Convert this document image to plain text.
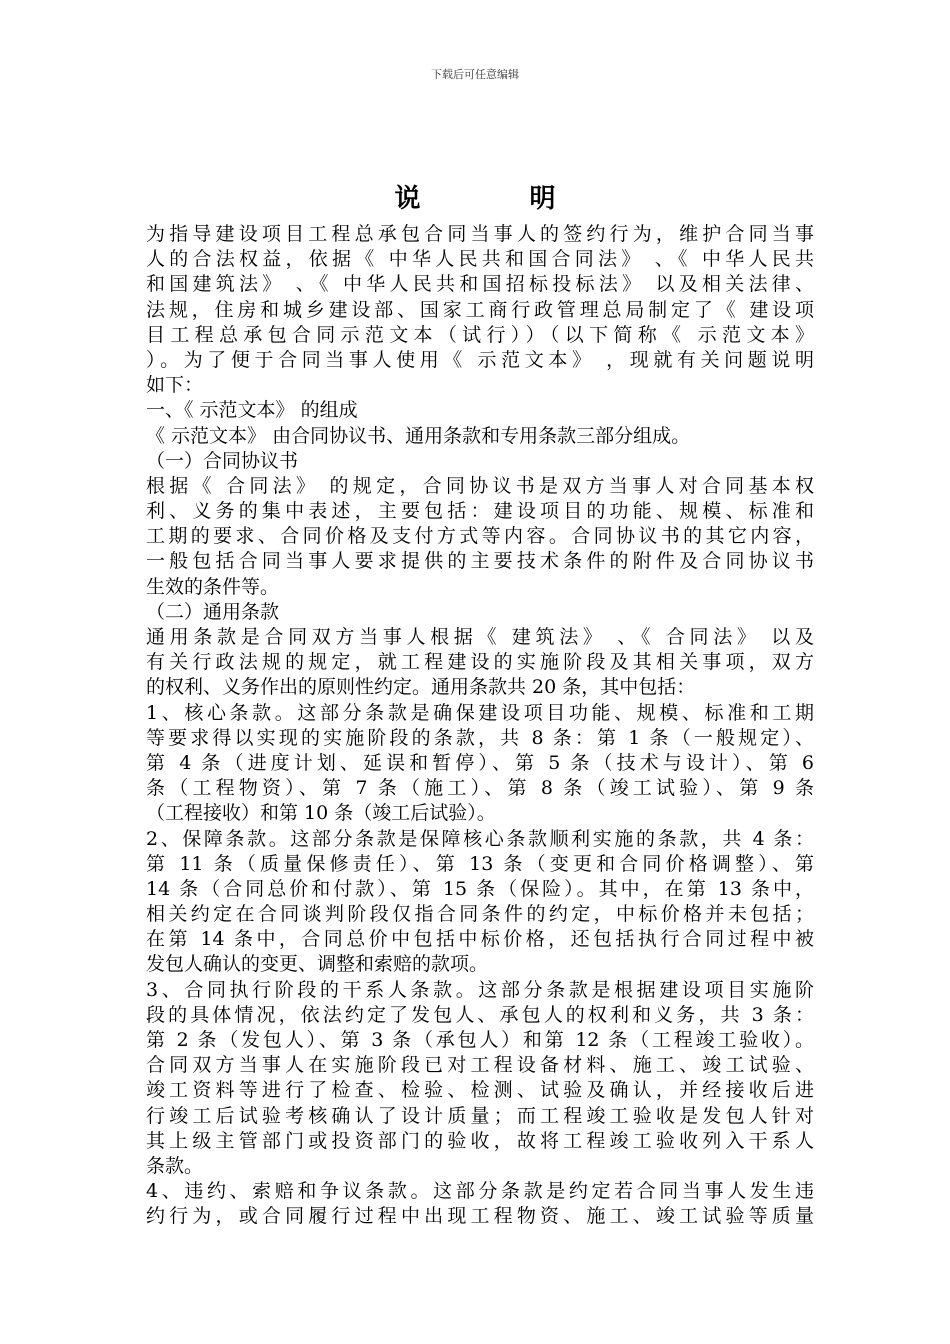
下载后可任意编辑
说 明
为指导建设项目工程总承包合同当事人的签约行为，维护合同当事
人的合法权益，依据《 中华人民共和国合同法》 、《 中华人民共
和国建筑法》 、《 中华人民共和国招标投标法》 以及相关法律、
法规，住房和城乡建设部、国家工商行政管理总局制定了《 建设项
目工程总承包合同示范文本（试行））（以下简称《 示范文本》
）。为了便于合同当事人使用《 示范文本》 ，现就有关问题说明
如下：
一、《 示范文本》 的组成
《 示范文本》 由合同协议书、通用条款和专用条款三部分组成。
（一）合同协议书
根据《 合同法》 的规定，合同协议书是双方当事人对合同基本权
利、义务的集中表述，主要包括：建设项目的功能、规模、标准和
工期的要求、合同价格及支付方式等内容。合同协议书的其它内容，
一般包括合同当事人要求提供的主要技术条件的附件及合同协议书
生效的条件等。
（二）通用条款
通用条款是合同双方当事人根据《 建筑法》 、《 合同法》 以及
有关行政法规的规定，就工程建设的实施阶段及其相关事项，双方
的权利、义务作出的原则性约定。通用条款共 20 条，其中包括：
1、核心条款。这部分条款是确保建设项目功能、规模、标准和工期
等要求得以实现的实施阶段的条款，共 8 条：第 1 条（一般规定）、
第 4 条（进度计划、延误和暂停）、第 5 条（技术与设计）、第 6
条（工程物资）、第 7 条（施工）、第 8 条（竣工试验）、第 9 条
（工程接收）和第 10 条（竣工后试验）。
2、保障条款。这部分条款是保障核心条款顺利实施的条款，共 4 条：
第 11 条（质量保修责任）、第 13 条（变更和合同价格调整）、第
14 条（合同总价和付款）、第 15 条（保险）。其中，在第 13 条中，
相关约定在合同谈判阶段仅指合同条件的约定，中标价格并未包括；
在第 14 条中，合同总价中包括中标价格，还包括执行合同过程中被
发包人确认的变更、调整和索赔的款项。
3、合同执行阶段的干系人条款。这部分条款是根据建设项目实施阶
段的具体情况，依法约定了发包人、承包人的权利和义务，共 3 条：
第 2 条（发包人）、第 3 条（承包人）和第 12 条（工程竣工验收）。
合同双方当事人在实施阶段已对工程设备材料、施工、竣工试验、
竣工资料等进行了检查、检验、检测、试验及确认，并经接收后进
行竣工后试验考核确认了设计质量；而工程竣工验收是发包人针对
其上级主管部门或投资部门的验收，故将工程竣工验收列入干系人
条款。
4、违约、索赔和争议条款。这部分条款是约定若合同当事人发生违
约行为，或合同履行过程中出现工程物资、施工、竣工试验等质量
